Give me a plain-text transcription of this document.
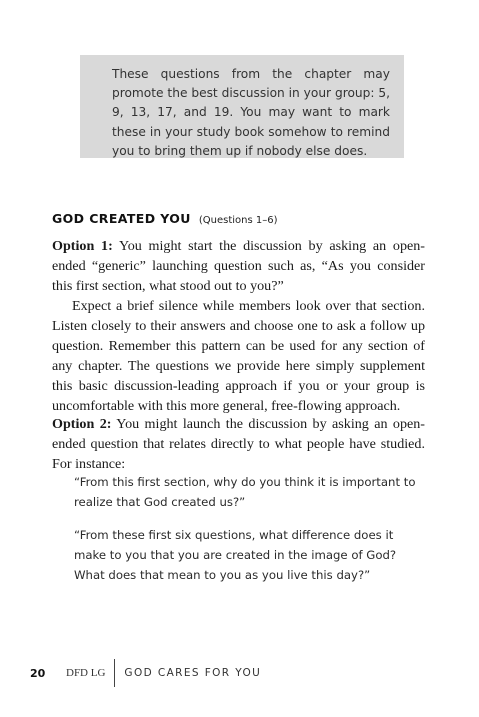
These questions from the chapter may promote the best discussion in your group: 5, 9, 13, 17, and 19. You may want to mark these in your study book somehow to remind you to bring them up if nobody else does.
GOD CREATED YOU (Questions 1–6)

Option 1: You might start the discussion by asking an open-ended “generic” launching question such as, “As you consider this first section, what stood out to you?”

Expect a brief silence while members look over that section. Listen closely to their answers and choose one to ask a follow up question. Remember this pattern can be used for any section of any chapter. The questions we provide here simply supplement this basic discussion-leading approach if you or your group is uncomfortable with this more general, free-flowing approach.

Option 2: You might launch the discussion by asking an open-ended question that relates directly to what people have studied. For instance:

“From this first section, why do you think it is important to realize that God created us?”

“From these first six questions, what difference does it make to you that you are created in the image of God? What does that mean to you as you live this day?”

20	DFD LG GOD CARES FOR YOU
